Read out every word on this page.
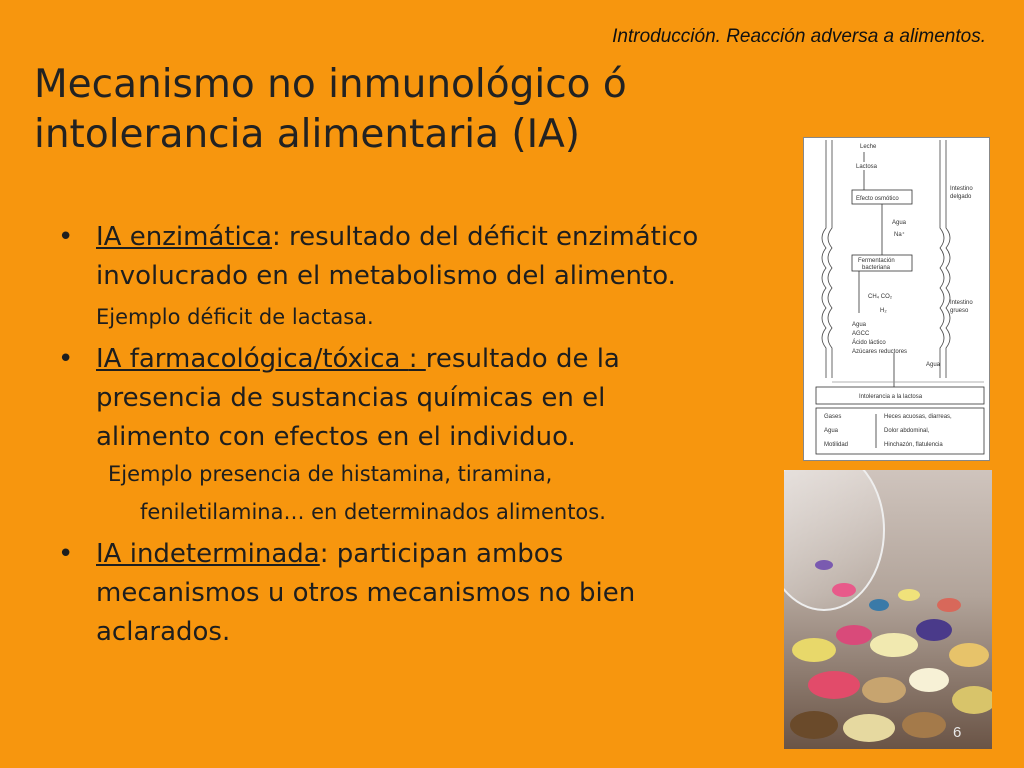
Introducción. Reacción adversa a alimentos.
Mecanismo no inmunológico ó
intolerancia alimentaria (IA)
• IA enzimática: resultado del déficit enzimático
involucrado en el metabolismo del alimento.
Ejemplo déficit de lactasa.
• IA farmacológica/tóxica : resultado de la
presencia de sustancias químicas en el
alimento con efectos en el individuo.
Ejemplo presencia de histamina, tiramina,
feniletilamina… en determinados alimentos.
• IA indeterminada: participan ambos
mecanismos u otros mecanismos no bien
aclarados.
Leche
Lactosa
Efecto osmótico
Intestino
delgado
Agua
Na⁺
Fermentación
bacteriana
CH₄ CO₂
H₂
Intestino
grueso
Agua
AGCC
Ácido láctico
Azúcares reductores
Agua
Intolerancia a la lactosa
Gases
Agua
Motilidad
Heces acuosas, diarreas,
Dolor abdominal,
Hinchazón, flatulencia
6
